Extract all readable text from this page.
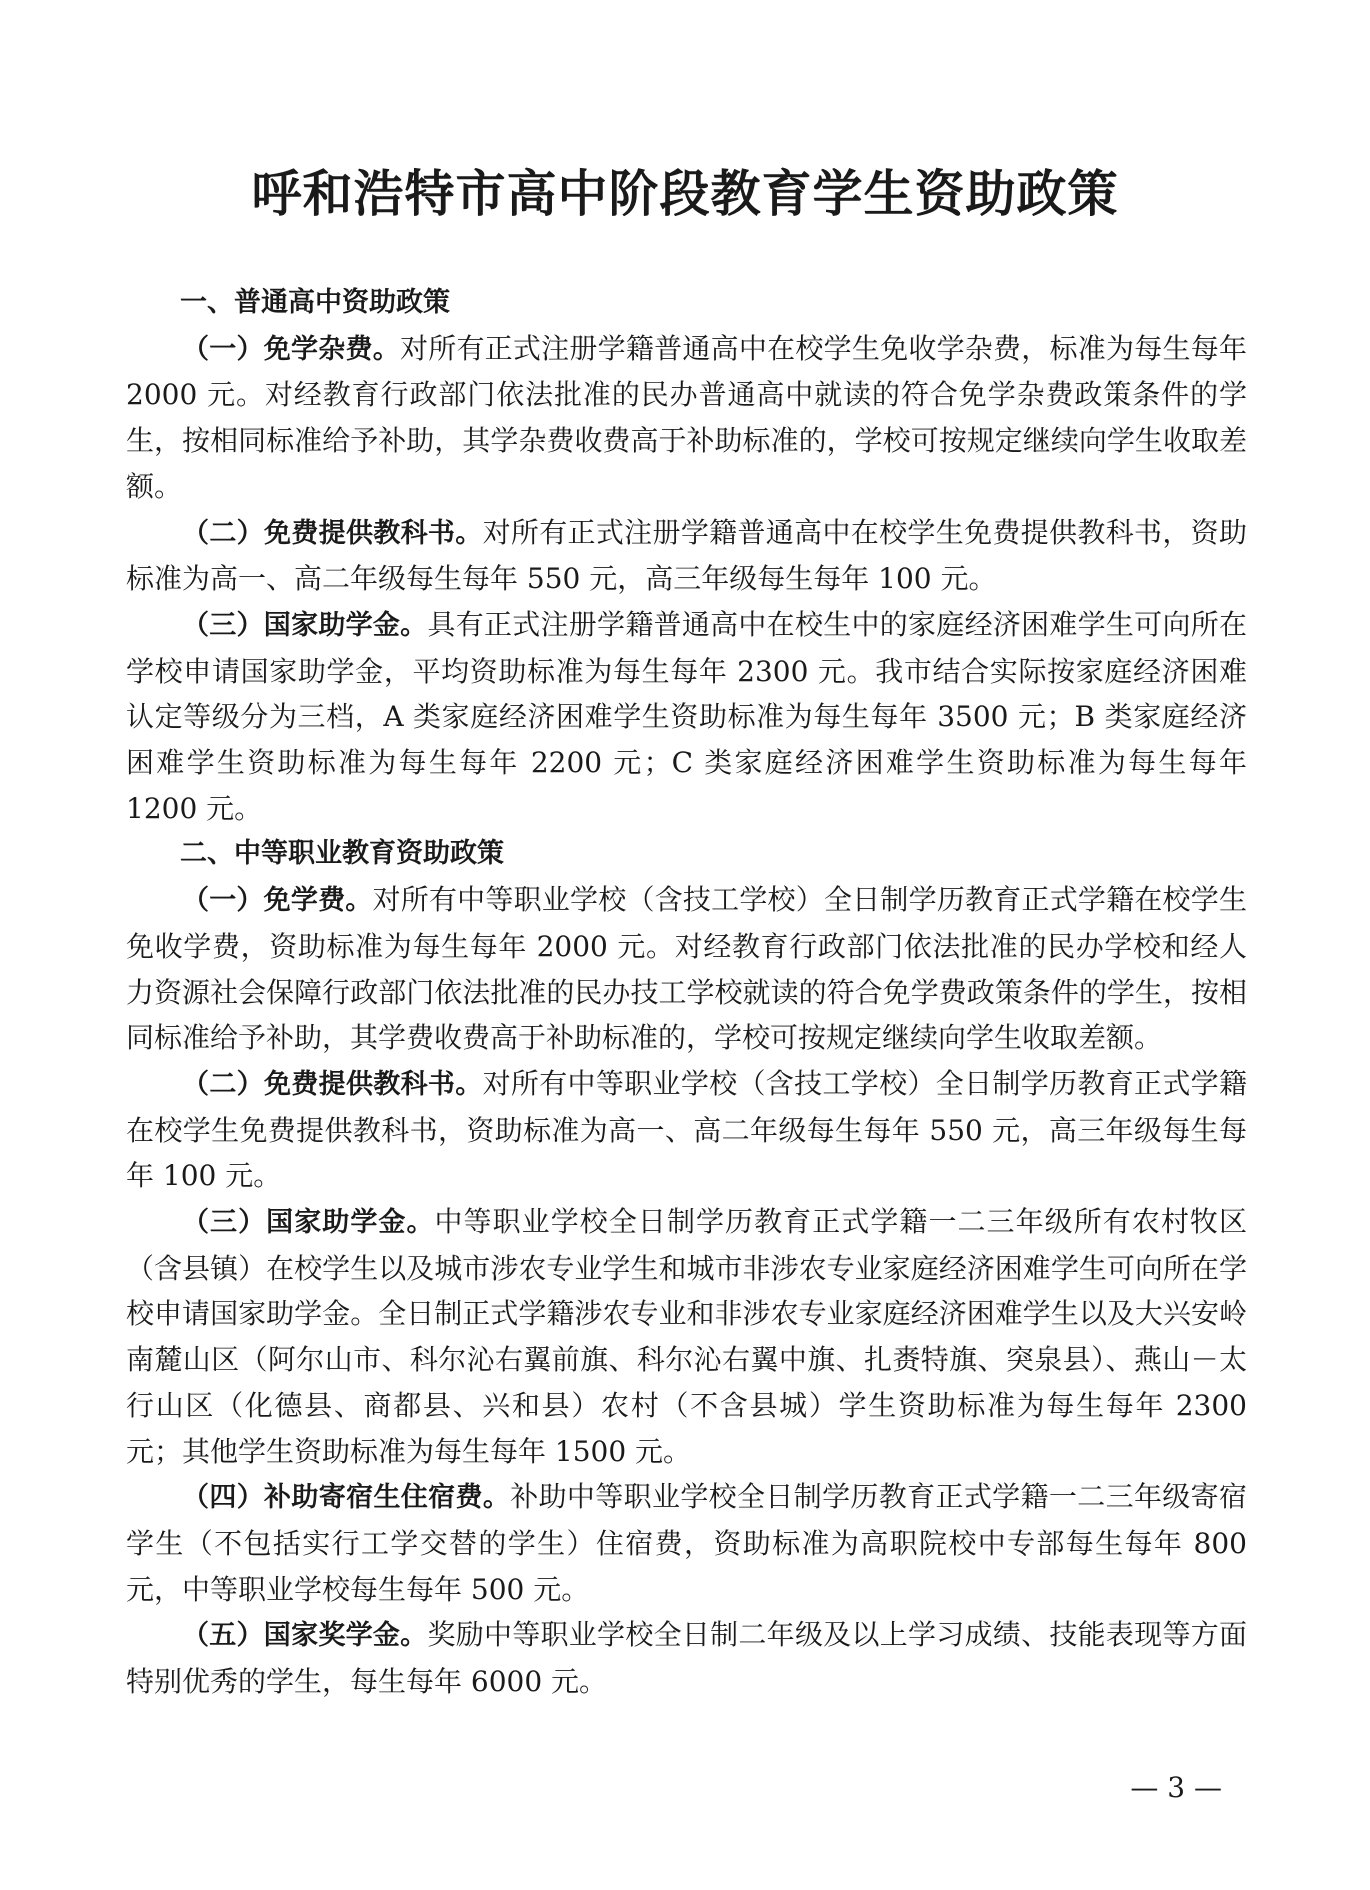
呼和浩特市高中阶段教育学生资助政策

一、普通高中资助政策

（一）免学杂费。对所有正式注册学籍普通高中在校学生免收学杂费，标准为每生每年 2000 元。对经教育行政部门依法批准的民办普通高中就读的符合免学杂费政策条件的学生，按相同标准给予补助，其学杂费收费高于补助标准的，学校可按规定继续向学生收取差额。

（二）免费提供教科书。对所有正式注册学籍普通高中在校学生免费提供教科书，资助标准为高一、高二年级每生每年 550 元，高三年级每生每年 100 元。

（三）国家助学金。具有正式注册学籍普通高中在校生中的家庭经济困难学生可向所在学校申请国家助学金，平均资助标准为每生每年 2300 元。我市结合实际按家庭经济困难认定等级分为三档，A 类家庭经济困难学生资助标准为每生每年 3500 元；B 类家庭经济困难学生资助标准为每生每年 2200 元；C 类家庭经济困难学生资助标准为每生每年 1200 元。

二、中等职业教育资助政策

（一）免学费。对所有中等职业学校（含技工学校）全日制学历教育正式学籍在校学生免收学费，资助标准为每生每年 2000 元。对经教育行政部门依法批准的民办学校和经人力资源社会保障行政部门依法批准的民办技工学校就读的符合免学费政策条件的学生，按相同标准给予补助，其学费收费高于补助标准的，学校可按规定继续向学生收取差额。

（二）免费提供教科书。对所有中等职业学校（含技工学校）全日制学历教育正式学籍在校学生免费提供教科书，资助标准为高一、高二年级每生每年 550 元，高三年级每生每年 100 元。

（三）国家助学金。中等职业学校全日制学历教育正式学籍一二三年级所有农村牧区（含县镇）在校学生以及城市涉农专业学生和城市非涉农专业家庭经济困难学生可向所在学校申请国家助学金。全日制正式学籍涉农专业和非涉农专业家庭经济困难学生以及大兴安岭南麓山区（阿尔山市、科尔沁右翼前旗、科尔沁右翼中旗、扎赉特旗、突泉县）、燕山－太行山区（化德县、商都县、兴和县）农村（不含县城）学生资助标准为每生每年 2300 元；其他学生资助标准为每生每年 1500 元。

（四）补助寄宿生住宿费。补助中等职业学校全日制学历教育正式学籍一二三年级寄宿学生（不包括实行工学交替的学生）住宿费，资助标准为高职院校中专部每生每年 800 元，中等职业学校每生每年 500 元。

（五）国家奖学金。奖励中等职业学校全日制二年级及以上学习成绩、技能表现等方面特别优秀的学生，每生每年 6000 元。

— 3 —
